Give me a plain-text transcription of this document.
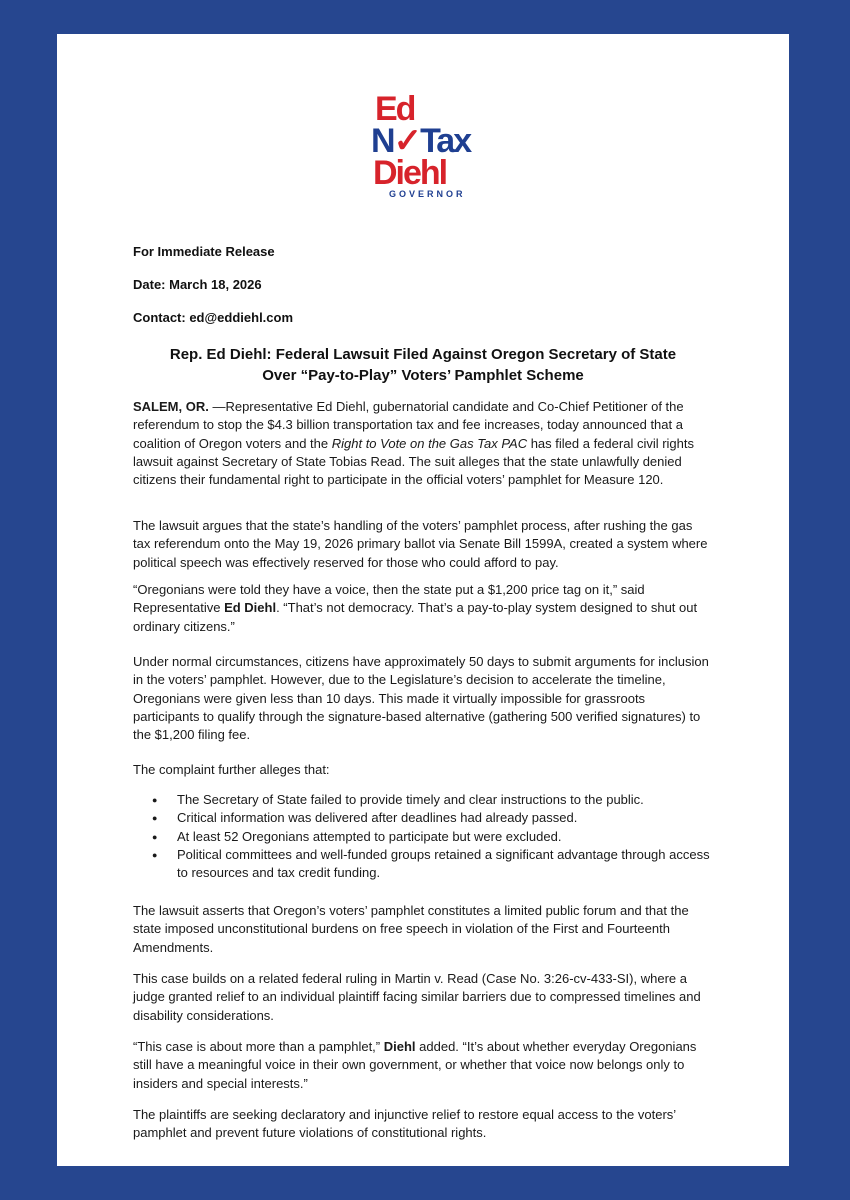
Ed
N✓Tax
Diehl
GOVERNOR
For Immediate Release
Date: March 18, 2026
Contact: ed@eddiehl.com
Rep. Ed Diehl: Federal Lawsuit Filed Against Oregon Secretary of State
Over “Pay-to-Play” Voters’ Pamphlet Scheme

SALEM, OR. —Representative Ed Diehl, gubernatorial candidate and Co-Chief Petitioner of the referendum to stop the $4.3 billion transportation tax and fee increases, today announced that a coalition of Oregon voters and the Right to Vote on the Gas Tax PAC has filed a federal civil rights lawsuit against Secretary of State Tobias Read. The suit alleges that the state unlawfully denied citizens their fundamental right to participate in the official voters’ pamphlet for Measure 120.

The lawsuit argues that the state’s handling of the voters’ pamphlet process, after rushing the gas tax referendum onto the May 19, 2026 primary ballot via Senate Bill 1599A, created a system where political speech was effectively reserved for those who could afford to pay.

“Oregonians were told they have a voice, then the state put a $1,200 price tag on it,” said Representative Ed Diehl. “That’s not democracy. That’s a pay-to-play system designed to shut out ordinary citizens.”

Under normal circumstances, citizens have approximately 50 days to submit arguments for inclusion in the voters’ pamphlet. However, due to the Legislature’s decision to accelerate the timeline, Oregonians were given less than 10 days. This made it virtually impossible for grassroots participants to qualify through the signature-based alternative (gathering 500 verified signatures) to the $1,200 filing fee.

The complaint further alleges that:

● The Secretary of State failed to provide timely and clear instructions to the public.
● Critical information was delivered after deadlines had already passed.
● At least 52 Oregonians attempted to participate but were excluded.
● Political committees and well-funded groups retained a significant advantage through access to resources and tax credit funding.

The lawsuit asserts that Oregon’s voters’ pamphlet constitutes a limited public forum and that the state imposed unconstitutional burdens on free speech in violation of the First and Fourteenth Amendments.

This case builds on a related federal ruling in Martin v. Read (Case No. 3:26-cv-433-SI), where a judge granted relief to an individual plaintiff facing similar barriers due to compressed timelines and disability considerations.

“This case is about more than a pamphlet,” Diehl added. “It’s about whether everyday Oregonians still have a meaningful voice in their own government, or whether that voice now belongs only to insiders and special interests.”

The plaintiffs are seeking declaratory and injunctive relief to restore equal access to the voters’ pamphlet and prevent future violations of constitutional rights.
